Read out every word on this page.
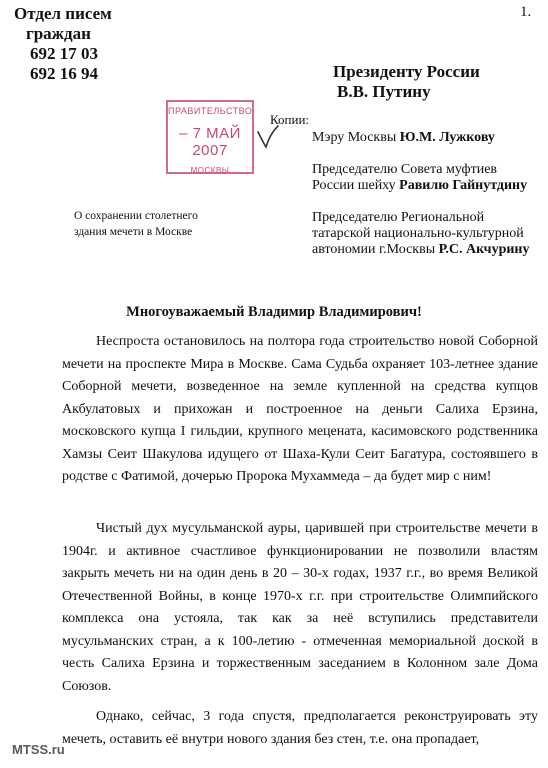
1.
Отдел писем
граждан
692 17 03
692 16 94	Президенту России
В.В. Путину
ПРАВИТЕЛЬСТВО
– 7 МАЙ 2007
МОСКВЫ
Копии:
Мэру Москвы Ю.М. Лужкову
Председателю Совета муфтиев
России шейху Равилю Гайнутдину
Председателю Региональной
татарской национально-культурной
автономии г.Москвы Р.С. Акчурину
О сохранении столетнего
здания мечети в Москве
Многоуважаемый Владимир Владимирович!

Неспроста остановилось на полтора года строительство новой Соборной мечети на проспекте Мира в Москве. Сама Судьба охраняет 103-летнее здание Соборной мечети, возведенное на земле купленной на средства купцов Акбулатовых и прихожан и построенное на деньги Салиха Ерзина, московского купца I гильдии, крупного мецената, касимовского родственника Хамзы Сеит Шакулова идущего от Шаха-Кули Сеит Багатура, состоявшего в родстве с Фатимой, дочерью Пророка Мухаммеда – да будет мир с ним!

Чистый дух мусульманской ауры, царившей при строительстве мечети в 1904г. и активное счастливое функционировании не позволили властям закрыть мечеть ни на один день в 20 – 30-х годах, 1937 г.г., во время Великой Отечественной Войны, в конце 1970-х г.г. при строительстве Олимпийского комплекса она устояла, так как за неё вступились представители мусульманских стран, а к 100-летию - отмеченная мемориальной доской в честь Салиха Ерзина и торжественным заседанием в Колонном зале Дома Союзов.

Однако, сейчас, 3 года спустя, предполагается реконструировать эту мечеть, оставить её внутри нового здания без стен, т.е. она пропадает,

MTSS.ru
